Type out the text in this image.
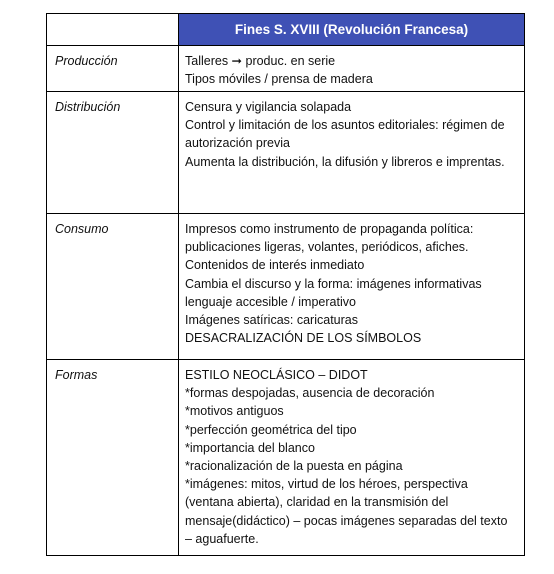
Fines S. XVIII (Revolución Francesa)
Producción	Talleres ➞ produc. en serie
Tipos móviles / prensa de madera
Distribución	Censura y vigilancia solapada
Control y limitación de los asuntos editoriales: régimen de
autorización previa
Aumenta la distribución, la difusión y libreros e imprentas.
Consumo	Impresos como instrumento de propaganda política:
publicaciones ligeras, volantes, periódicos, afiches.
Contenidos de interés inmediato
Cambia el discurso y la forma: imágenes informativas
lenguaje accesible / imperativo
Imágenes satíricas: caricaturas
DESACRALIZACIÓN DE LOS SÍMBOLOS
Formas	ESTILO NEOCLÁSICO – DIDOT
*formas despojadas, ausencia de decoración
*motivos antiguos
*perfección geométrica del tipo
*importancia del blanco
*racionalización de la puesta en página
*imágenes: mitos, virtud de los héroes, perspectiva
(ventana abierta), claridad en la transmisión del
mensaje(didáctico) – pocas imágenes separadas del texto
– aguafuerte.
